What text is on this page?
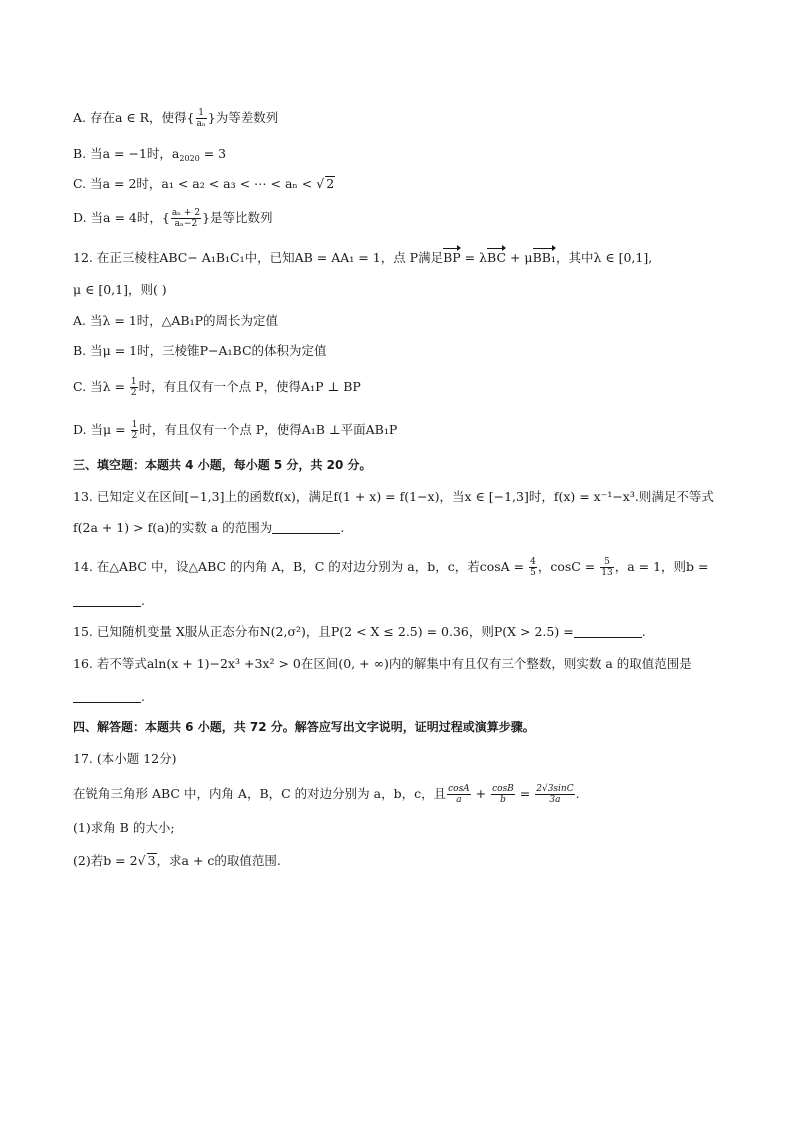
A. 存在a ∈ R，使得{ $\frac{1}{\text{aₙ}}$ }为等差数列
B. 当a = −1时，$a_{2020} = 3$
C. 当a = 2时，a₁ < a₂ < a₃ < ⋯ < aₙ < √ 2
D. 当a = 4时，{ $\frac{\text{aₙ + 2}}{\text{aₙ−2}}$ }是等比数列
12. 在正三棱柱ABC− A₁B₁C₁中，已知AB = AA₁ = 1，点 P满足BP = λBC + μBB₁，其中λ ∈ [0,1],
μ ∈ [0,1]，则( )
A. 当λ = 1时，△AB₁P的周长为定值
B. 当μ = 1时，三棱锥P−A₁BC的体积为定值
C. 当$\lambda = \frac{1}{2}$ 时，有且仅有一个点 P，使得A₁P ⊥ BP
D. 当$\mu = \frac{1}{2}$ 时，有且仅有一个点 P，使得A₁B ⊥平面AB₁P
三、填空题：本题共 4 小题，每小题 5 分，共 20 分。
13. 已知定义在区间[−1,3]上的函数f(x)，满足f(1 + x) = f(1−x)，当x ∈ [−1,3]时，f(x) = x⁻¹−x³.则满足不等式
f(2a + 1) > f(a)的实数 a 的范围为	.
14. 在△ABC 中，设△ABC 的内角 A，B，C 的对边分别为 a，b，c，若$\cos A = \frac{4}{5}$ ，$\cos C = \frac{5}{13}$ ，a = 1，则b =
.
15. 已知随机变量 X服从正态分布N(2,σ²)，且P(2 < X ≤ 2.5) = 0.36，则P(X > 2.5) =	.
16. 若不等式aln(x + 1)−2x³ +3x² > 0在区间(0, + ∞)内的解集中有且仅有三个整数，则实数 a 的取值范围是
.
四、解答题：本题共 6 小题，共 72 分。解答应写出文字说明，证明过程或演算步骤。
17. (本小题 12分)
在锐角三角形 ABC 中，内角 A，B，C 的对边分别为 a，b，c，且 $\frac{\cos A}{a} + \frac{\cos B}{b} = \frac{2√3\sin C}{3a}$ .
(1)求角 B 的大小;
(2)若b = 2√ 3，求a + c的取值范围.
